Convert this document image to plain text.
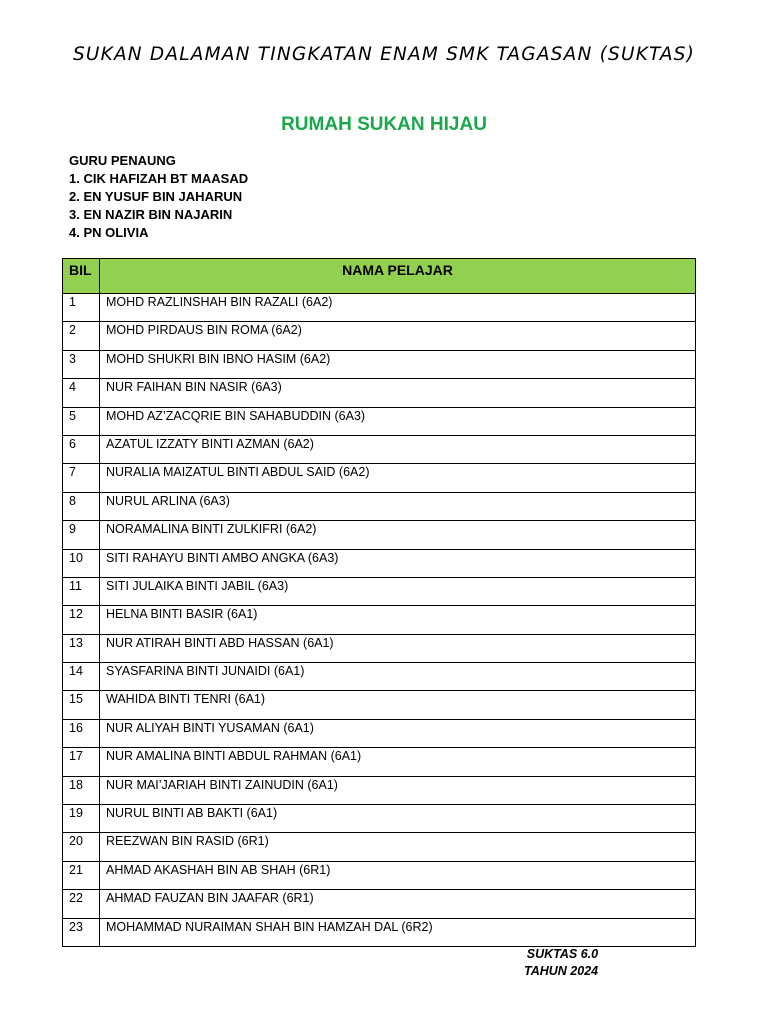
SUKAN DALAMAN TINGKATAN ENAM SMK TAGASAN (SUKTAS)
RUMAH SUKAN HIJAU
GURU PENAUNG
1. CIK HAFIZAH BT MAASAD
2. EN YUSUF BIN JAHARUN
3. EN NAZIR BIN NAJARIN
4. PN OLIVIA
BIL	NAMA PELAJAR
1	MOHD RAZLINSHAH BIN RAZALI (6A2)
2	MOHD PIRDAUS BIN ROMA (6A2)
3	MOHD SHUKRI BIN IBNO HASIM (6A2)
4	NUR FAIHAN BIN NASIR (6A3)
5	MOHD AZ’ZACQRIE BIN SAHABUDDIN (6A3)
6	AZATUL IZZATY BINTI AZMAN (6A2)
7	NURALIA MAIZATUL BINTI ABDUL SAID (6A2)
8	NURUL ARLINA (6A3)
9	NORAMALINA BINTI ZULKIFRI (6A2)
10	SITI RAHAYU BINTI AMBO ANGKA (6A3)
11	SITI JULAIKA BINTI JABIL (6A3)
12	HELNA BINTI BASIR (6A1)
13	NUR ATIRAH BINTI ABD HASSAN (6A1)
14	SYASFARINA BINTI JUNAIDI (6A1)
15	WAHIDA BINTI TENRI (6A1)
16	NUR ALIYAH BINTI YUSAMAN (6A1)
17	NUR AMALINA BINTI ABDUL RAHMAN (6A1)
18	NUR MAI’JARIAH BINTI ZAINUDIN (6A1)
19	NURUL BINTI AB BAKTI (6A1)
20	REEZWAN BIN RASID (6R1)
21	AHMAD AKASHAH BIN AB SHAH (6R1)
22	AHMAD FAUZAN BIN JAAFAR (6R1)
23	MOHAMMAD NURAIMAN SHAH BIN HAMZAH DAL (6R2)
SUKTAS 6.0
TAHUN 2024
